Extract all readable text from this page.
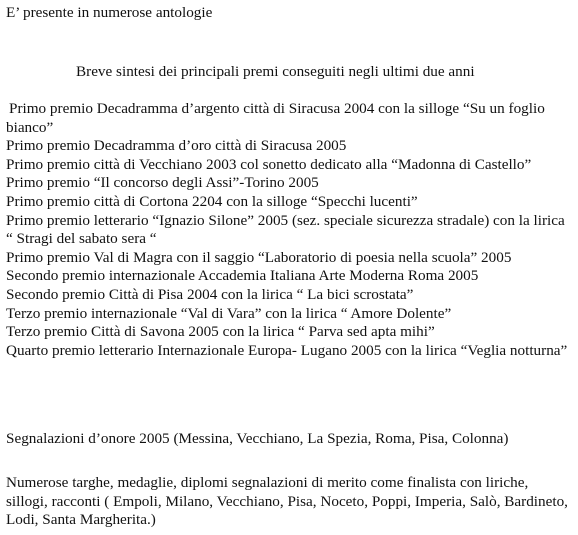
E’ presente in numerose antologie
Breve sintesi dei principali premi conseguiti negli ultimi due anni
Primo premio Decadramma d’argento città di Siracusa 2004 con la silloge “Su un foglio bianco”
Primo premio Decadramma d’oro città di Siracusa 2005
Primo premio città di Vecchiano 2003 col sonetto dedicato alla “Madonna di Castello”
Primo premio “Il concorso degli Assi”-Torino 2005
Primo premio città di Cortona 2204 con la silloge “Specchi lucenti”
Primo premio letterario “Ignazio Silone” 2005 (sez. speciale sicurezza stradale) con la lirica “ Stragi del sabato sera “
Primo premio Val di Magra con il saggio “Laboratorio di poesia nella scuola” 2005
Secondo premio internazionale Accademia Italiana Arte Moderna Roma 2005
Secondo premio Città di Pisa 2004 con la lirica “ La bici scrostata”
Terzo premio internazionale “Val di Vara” con la lirica “ Amore Dolente”
Terzo premio Città di Savona 2005 con la lirica “ Parva sed apta mihi”
Quarto premio letterario Internazionale Europa- Lugano 2005 con la lirica “Veglia notturna”
Segnalazioni d’onore 2005 (Messina, Vecchiano, La Spezia, Roma, Pisa, Colonna)
Numerose targhe, medaglie, diplomi segnalazioni di merito come finalista con liriche, sillogi, racconti ( Empoli, Milano, Vecchiano, Pisa, Noceto, Poppi, Imperia, Salò, Bardineto, Lodi, Santa Margherita.)
